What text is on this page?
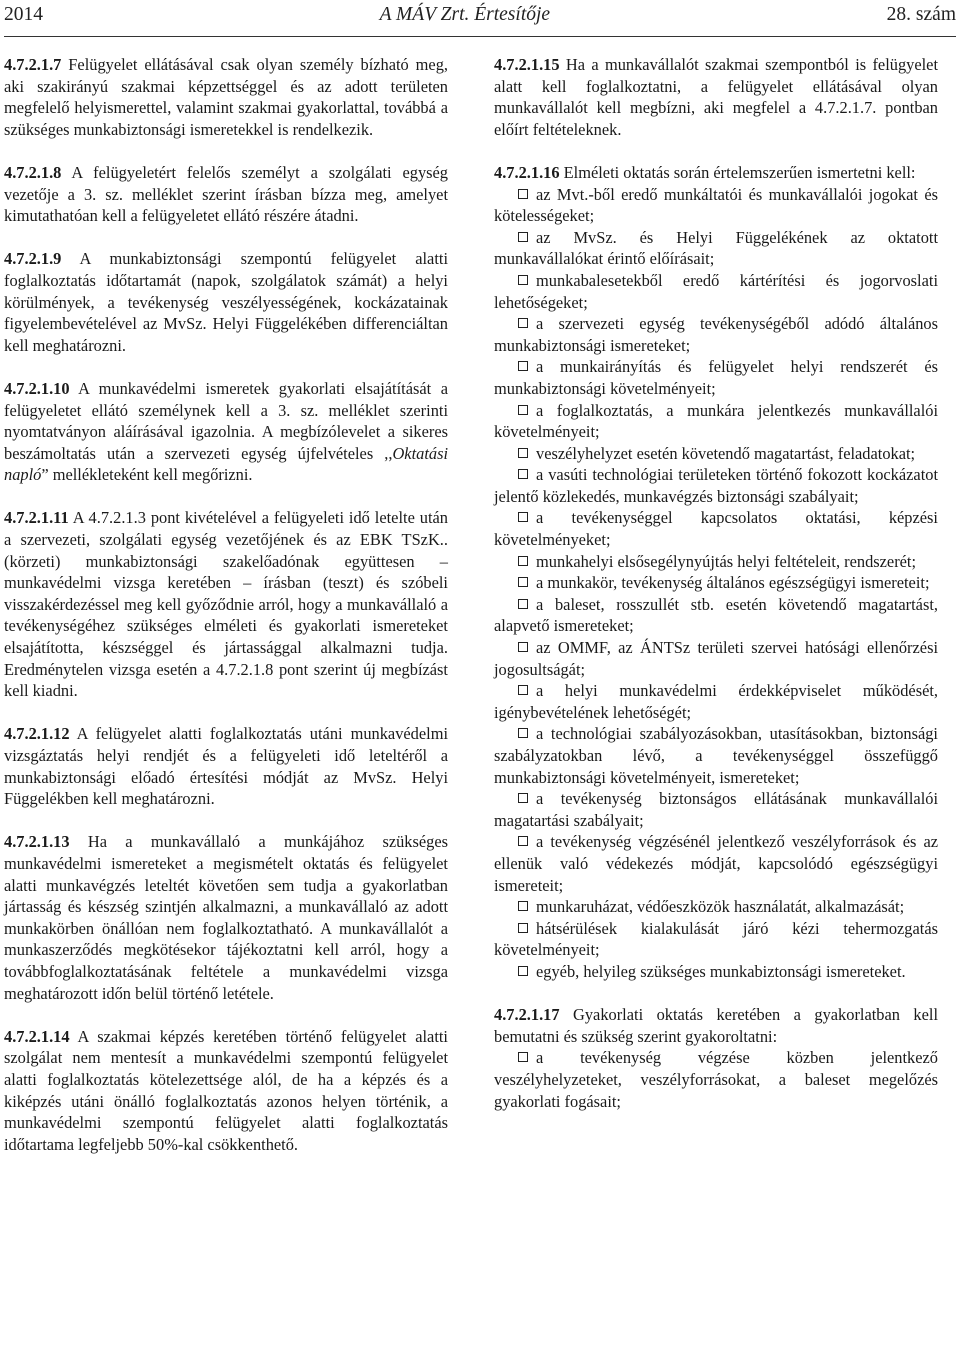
2014	A MÁV Zrt. Értesítője	28. szám

4.7.2.1.7 Felügyelet ellátásával csak olyan személy bízható meg, aki szakirányú szakmai képzettséggel és az adott területen megfelelő helyismerettel, valamint szakmai gyakorlattal, továbbá a szükséges munkabiztonsági ismeretekkel is rendelkezik.

4.7.2.1.8 A felügyeletért felelős személyt a szolgálati egység vezetője a 3. sz. melléklet szerint írásban bízza meg, amelyet kimutathatóan kell a felügyeletet ellátó részére átadni.

4.7.2.1.9 A munkabiztonsági szempontú felügyelet alatti foglalkoztatás időtartamát (napok, szolgálatok számát) a helyi körülmények, a tevékenység veszélyességének, kockázatainak figyelembevételével az MvSz. Helyi Függelékében differenciáltan kell meghatározni.

4.7.2.1.10 A munkavédelmi ismeretek gyakorlati elsajátítását a felügyeletet ellátó személynek kell a 3. sz. melléklet szerinti nyomtatványon aláírásával igazolnia. A megbízólevelet a sikeres beszámoltatás után a szervezeti egység újfelvételes ,,Oktatási napló” mellékleteként kell megőrizni.

4.7.2.1.11 A 4.7.2.1.3 pont kivételével a felügyeleti idő letelte után a szervezeti, szolgálati egység vezetőjének és az EBK TSzK.. (körzeti) munkabiztonsági szakelőadónak együttesen – munkavédelmi vizsga keretében – írásban (teszt) és szóbeli visszakérdezéssel meg kell győződnie arról, hogy a munkavállaló a tevékenységéhez szükséges elméleti és gyakorlati ismereteket elsajátította, készséggel és jártassággal alkalmazni tudja. Eredménytelen vizsga esetén a 4.7.2.1.8 pont szerint új megbízást kell kiadni.

4.7.2.1.12 A felügyelet alatti foglalkoztatás utáni munkavédelmi vizsgáztatás helyi rendjét és a felügyeleti idő leteltéről a munkabiztonsági előadó értesítési módját az MvSz. Helyi Függelékben kell meghatározni.

4.7.2.1.13 Ha a munkavállaló a munkájához szükséges munkavédelmi ismereteket a megismételt oktatás és felügyelet alatti munkavégzés leteltét követően sem tudja a gyakorlatban jártasság és készség szintjén alkalmazni, a munkavállaló az adott munkakörben önállóan nem foglalkoztatható. A munkavállalót a munkaszerződés megkötésekor tájékoztatni kell arról, hogy a továbbfoglalkoztatásának feltétele a munkavédelmi vizsga meghatározott időn belül történő letétele.

4.7.2.1.14 A szakmai képzés keretében történő felügyelet alatti szolgálat nem mentesít a munkavédelmi szempontú felügyelet alatti foglalkoztatás kötelezettsége alól, de ha a képzés és a kiképzés utáni önálló foglalkoztatás azonos helyen történik, a munkavédelmi szempontú felügyelet alatti foglalkoztatás időtartama legfeljebb 50%-kal csökkenthető.

4.7.2.1.15 Ha a munkavállalót szakmai szempontból is felügyelet alatt kell foglalkoztatni, a felügyelet ellátásával olyan munkavállalót kell megbízni, aki megfelel a 4.7.2.1.7. pontban előírt feltételeknek.

4.7.2.1.16 Elméleti oktatás során értelemszerűen ismertetni kell:

az Mvt.-ből eredő munkáltatói és munkavállalói jogokat és kötelességeket;

az MvSz. és Helyi Függelékének az oktatott munkavállalókat érintő előírásait;

munkabalesetekből eredő kártérítési és jogorvoslati lehetőségeket;

a szervezeti egység tevékenységéből adódó általános munkabiztonsági ismereteket;

a munkairányítás és felügyelet helyi rendszerét és munkabiztonsági követelményeit;

a foglalkoztatás, a munkára jelentkezés munkavállalói követelményeit;

veszélyhelyzet esetén követendő magatartást, feladatokat;

a vasúti technológiai területeken történő fokozott kockázatot jelentő közlekedés, munkavégzés biztonsági szabályait;

a tevékenységgel kapcsolatos oktatási, képzési követelményeket;

munkahelyi elsősegélynyújtás helyi feltételeit, rendszerét;

a munkakör, tevékenység általános egészségügyi ismereteit;

a baleset, rosszullét stb. esetén követendő magatartást, alapvető ismereteket;

az OMMF, az ÁNTSz területi szervei hatósági ellenőrzési jogosultságát;

a helyi munkavédelmi érdekképviselet működését, igénybevételének lehetőségét;

a technológiai szabályozásokban, utasításokban, biztonsági szabályzatokban lévő, a tevékenységgel összefüggő munkabiztonsági követelményeit, ismereteket;

a tevékenység biztonságos ellátásának munkavállalói magatartási szabályait;

a tevékenység végzésénél jelentkező veszélyforrások és az ellenük való védekezés módját, kapcsolódó egészségügyi ismereteit;

munkaruházat, védőeszközök használatát, alkalmazását;

hátsérülések kialakulását járó kézi tehermozgatás követelményeit;

egyéb, helyileg szükséges munkabiztonsági ismereteket.

4.7.2.1.17 Gyakorlati oktatás keretében a gyakorlatban kell bemutatni és szükség szerint gyakoroltatni:

a tevékenység végzése közben jelentkező veszélyhelyzeteket, veszélyforrásokat, a baleset megelőzés gyakorlati fogásait;
